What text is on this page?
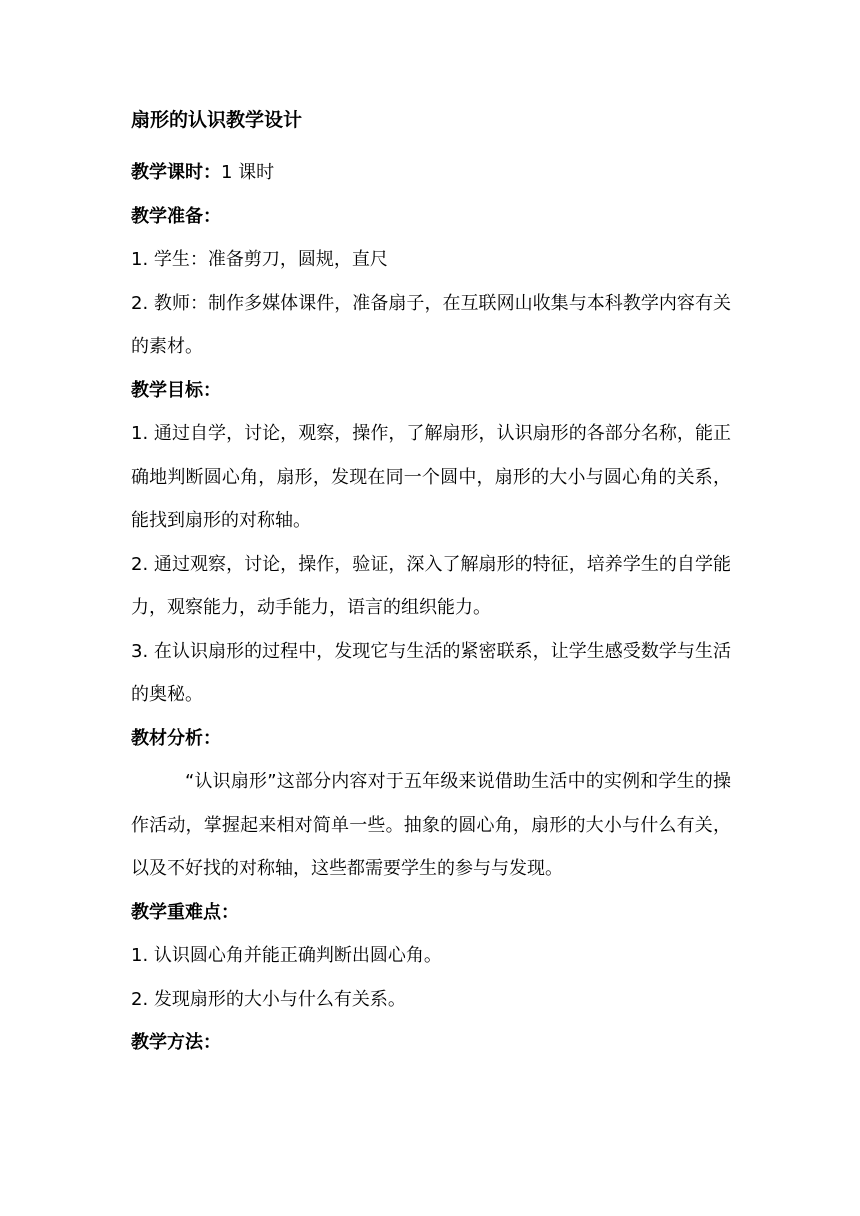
扇形的认识教学设计

教学课时：1 课时

教学准备：

1. 学生：准备剪刀，圆规，直尺

2. 教师：制作多媒体课件，准备扇子，在互联网山收集与本科教学内容有关的素材。

教学目标：

1. 通过自学，讨论，观察，操作，了解扇形，认识扇形的各部分名称，能正确地判断圆心角，扇形，发现在同一个圆中，扇形的大小与圆心角的关系，能找到扇形的对称轴。

2. 通过观察，讨论，操作，验证，深入了解扇形的特征，培养学生的自学能力，观察能力，动手能力，语言的组织能力。

3. 在认识扇形的过程中，发现它与生活的紧密联系，让学生感受数学与生活的奥秘。

教材分析：

“认识扇形”这部分内容对于五年级来说借助生活中的实例和学生的操作活动，掌握起来相对简单一些。抽象的圆心角，扇形的大小与什么有关，以及不好找的对称轴，这些都需要学生的参与与发现。

教学重难点：

1. 认识圆心角并能正确判断出圆心角。

2. 发现扇形的大小与什么有关系。

教学方法：
